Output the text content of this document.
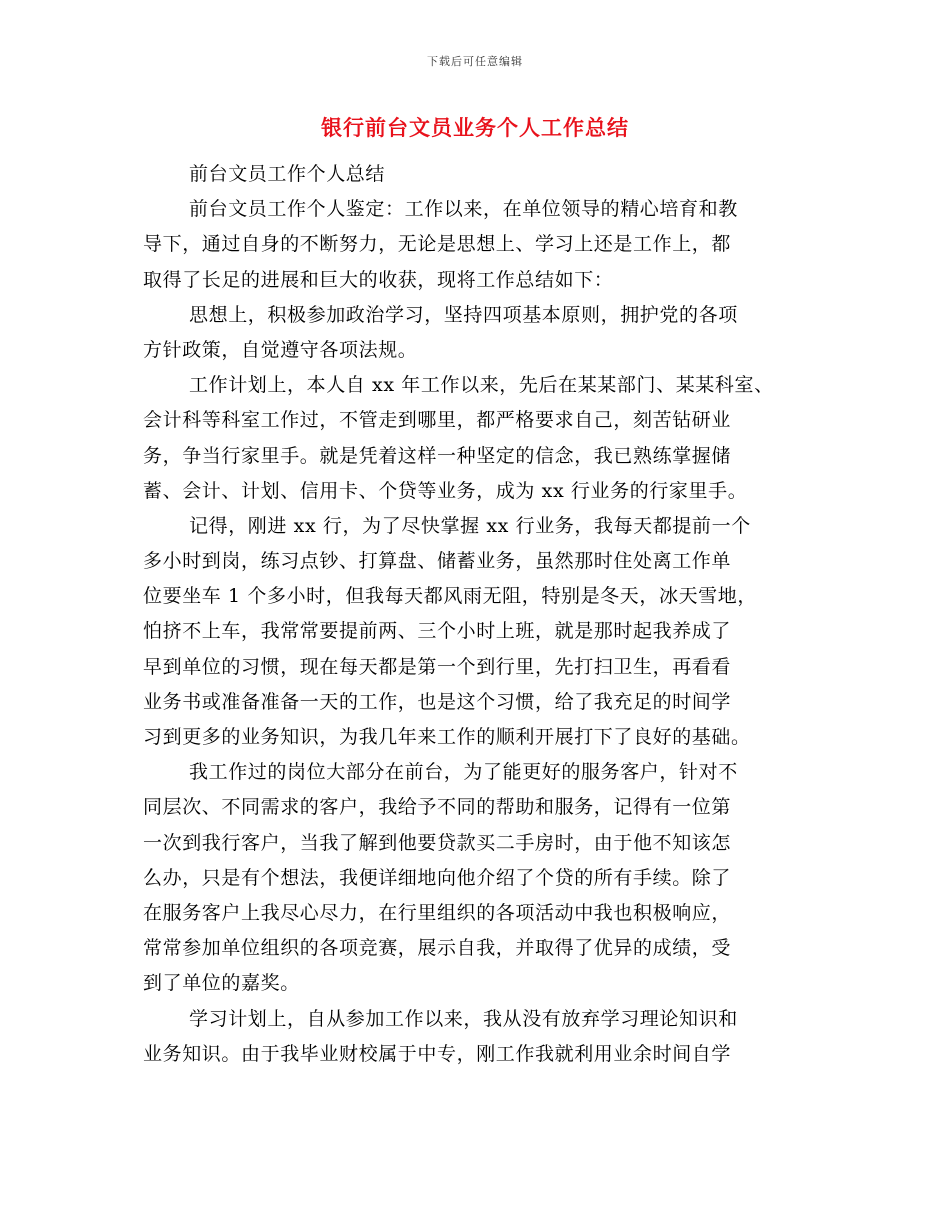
下载后可任意编辑
银行前台文员业务个人工作总结
前台文员工作个人总结
前台文员工作个人鉴定：工作以来，在单位领导的精心培育和教
导下，通过自身的不断努力，无论是思想上、学习上还是工作上，都
取得了长足的进展和巨大的收获，现将工作总结如下：
思想上，积极参加政治学习，坚持四项基本原则，拥护党的各项
方针政策，自觉遵守各项法规。
工作计划上，本人自 xx 年工作以来，先后在某某部门、某某科室、
会计科等科室工作过，不管走到哪里，都严格要求自己，刻苦钻研业
务，争当行家里手。就是凭着这样一种坚定的信念，我已熟练掌握储
蓄、会计、计划、信用卡、个贷等业务，成为 xx 行业务的行家里手。
记得，刚进 xx 行，为了尽快掌握 xx 行业务，我每天都提前一个
多小时到岗，练习点钞、打算盘、储蓄业务，虽然那时住处离工作单
位要坐车 1 个多小时，但我每天都风雨无阻，特别是冬天，冰天雪地，
怕挤不上车，我常常要提前两、三个小时上班，就是那时起我养成了
早到单位的习惯，现在每天都是第一个到行里，先打扫卫生，再看看
业务书或准备准备一天的工作，也是这个习惯，给了我充足的时间学
习到更多的业务知识，为我几年来工作的顺利开展打下了良好的基础。
我工作过的岗位大部分在前台，为了能更好的服务客户，针对不
同层次、不同需求的客户，我给予不同的帮助和服务，记得有一位第
一次到我行客户，当我了解到他要贷款买二手房时，由于他不知该怎
么办，只是有个想法，我便详细地向他介绍了个贷的所有手续。除了
在服务客户上我尽心尽力，在行里组织的各项活动中我也积极响应，
常常参加单位组织的各项竞赛，展示自我，并取得了优异的成绩，受
到了单位的嘉奖。
学习计划上，自从参加工作以来，我从没有放弃学习理论知识和
业务知识。由于我毕业财校属于中专，刚工作我就利用业余时间自学
